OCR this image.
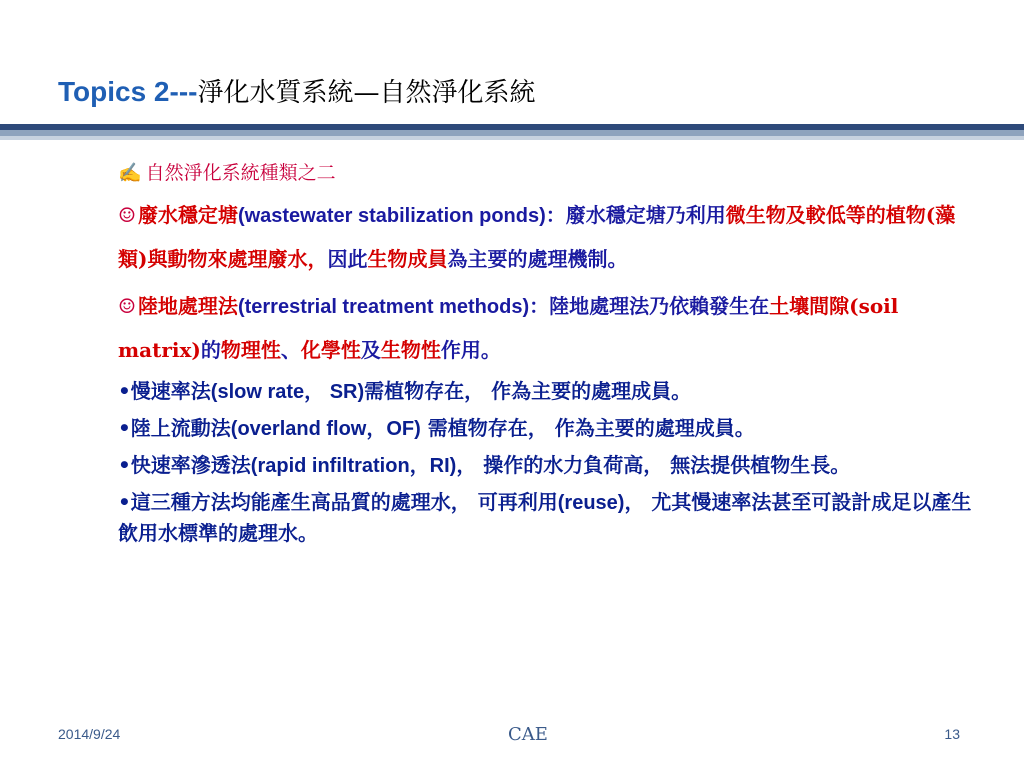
Topics 2---淨化水質系統—自然淨化系統
✍ 自然淨化系統種類之二
☺ 廢水穩定塘(wastewater stabilization ponds)：廢水穩定塘乃利用微生物及較低等的植物(藻類)與動物來處理廢水，因此生物成員為主要的處理機制。
☺ 陸地處理法(terrestrial treatment methods)：陸地處理法乃依賴發生在土壤間隙(soil matrix)的物理性、化學性及生物性作用。
•慢速率法(slow rate， SR)需植物存在， 作為主要的處理成員。
•陸上流動法(overland flow，OF) 需植物存在， 作為主要的處理成員。
•快速率滲透法(rapid infiltration，RI)， 操作的水力負荷高， 無法提供植物生長。
•這三種方法均能產生高品質的處理水， 可再利用(reuse)， 尤其慢速率法甚至可設計成足以產生飲用水標準的處理水。
2014/9/24	CAE	13
